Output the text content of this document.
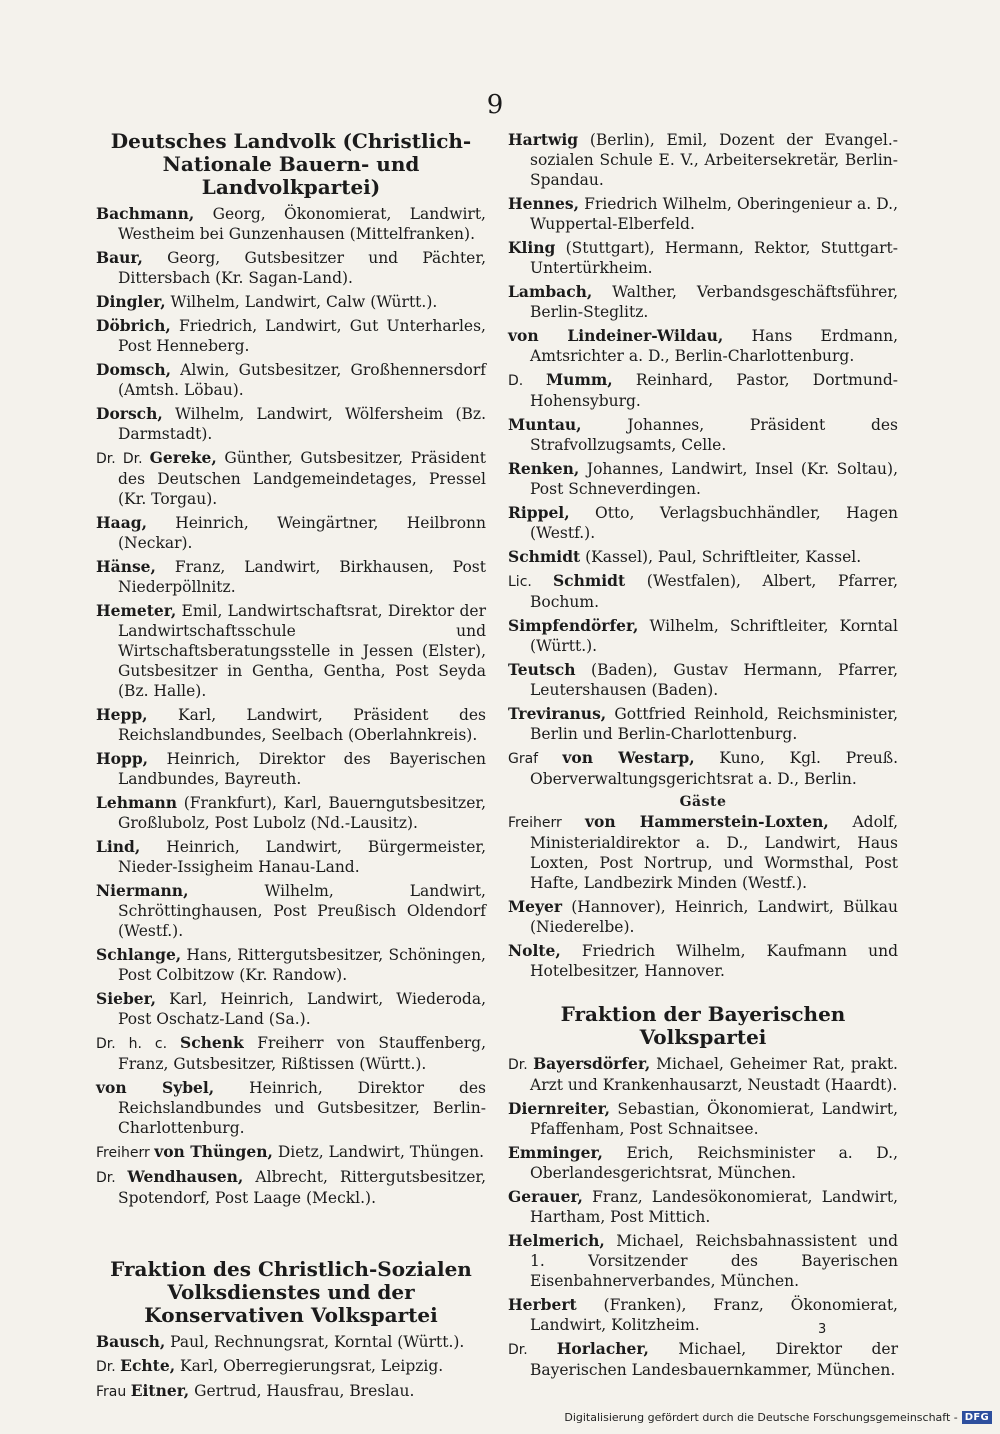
9
Deutsches Landvolk (Christlich-Nationale Bauern- und Landvolkpartei)

Bachmann, Georg, Ökonomierat, Landwirt, Westheim bei Gunzenhausen (Mittelfranken).

Baur, Georg, Gutsbesitzer und Pächter, Dittersbach (Kr. Sagan-Land).

Dingler, Wilhelm, Landwirt, Calw (Württ.).

Döbrich, Friedrich, Landwirt, Gut Unterharles, Post Henneberg.

Domsch, Alwin, Gutsbesitzer, Großhennersdorf (Amtsh. Löbau).

Dorsch, Wilhelm, Landwirt, Wölfersheim (Bz. Darmstadt).

Dr. Dr. Gereke, Günther, Gutsbesitzer, Präsident des Deutschen Landgemeindetages, Pressel (Kr. Torgau).

Haag, Heinrich, Weingärtner, Heilbronn (Neckar).

Hänse, Franz, Landwirt, Birkhausen, Post Niederpöllnitz.

Hemeter, Emil, Landwirtschaftsrat, Direktor der Landwirtschaftsschule und Wirtschaftsberatungsstelle in Jessen (Elster), Gutsbesitzer in Gentha, Gentha, Post Seyda (Bz. Halle).

Hepp, Karl, Landwirt, Präsident des Reichslandbundes, Seelbach (Oberlahnkreis).

Hopp, Heinrich, Direktor des Bayerischen Landbundes, Bayreuth.

Lehmann (Frankfurt), Karl, Bauerngutsbesitzer, Großlubolz, Post Lubolz (Nd.-Lausitz).

Lind, Heinrich, Landwirt, Bürgermeister, Nieder-Issigheim Hanau-Land.

Niermann, Wilhelm, Landwirt, Schröttinghausen, Post Preußisch Oldendorf (Westf.).

Schlange, Hans, Rittergutsbesitzer, Schöningen, Post Colbitzow (Kr. Randow).

Sieber, Karl, Heinrich, Landwirt, Wiederoda, Post Oschatz-Land (Sa.).

Dr. h. c. Schenk Freiherr von Stauffenberg, Franz, Gutsbesitzer, Rißtissen (Württ.).

von Sybel, Heinrich, Direktor des Reichslandbundes und Gutsbesitzer, Berlin-Charlottenburg.

Freiherr von Thüngen, Dietz, Landwirt, Thüngen.

Dr. Wendhausen, Albrecht, Rittergutsbesitzer, Spotendorf, Post Laage (Meckl.).

Fraktion des Christlich-Sozialen Volksdienstes und der Konservativen Volkspartei

Bausch, Paul, Rechnungsrat, Korntal (Württ.).

Dr. Echte, Karl, Oberregierungsrat, Leipzig.

Frau Eitner, Gertrud, Hausfrau, Breslau.

Hartwig (Berlin), Emil, Dozent der Evangel.-sozialen Schule E. V., Arbeitersekretär, Berlin-Spandau.

Hennes, Friedrich Wilhelm, Oberingenieur a. D., Wuppertal-Elberfeld.

Kling (Stuttgart), Hermann, Rektor, Stuttgart-Untertürkheim.

Lambach, Walther, Verbandsgeschäftsführer, Berlin-Steglitz.

von Lindeiner-Wildau, Hans Erdmann, Amtsrichter a. D., Berlin-Charlottenburg.

D. Mumm, Reinhard, Pastor, Dortmund-Hohensyburg.

Muntau, Johannes, Präsident des Strafvollzugsamts, Celle.

Renken, Johannes, Landwirt, Insel (Kr. Soltau), Post Schneverdingen.

Rippel, Otto, Verlagsbuchhändler, Hagen (Westf.).

Schmidt (Kassel), Paul, Schriftleiter, Kassel.

Lic. Schmidt (Westfalen), Albert, Pfarrer, Bochum.

Simpfendörfer, Wilhelm, Schriftleiter, Korntal (Württ.).

Teutsch (Baden), Gustav Hermann, Pfarrer, Leutershausen (Baden).

Treviranus, Gottfried Reinhold, Reichsminister, Berlin und Berlin-Charlottenburg.

Graf von Westarp, Kuno, Kgl. Preuß. Oberverwaltungsgerichtsrat a. D., Berlin.

Gäste

Freiherr von Hammerstein-Loxten, Adolf, Ministerialdirektor a. D., Landwirt, Haus Loxten, Post Nortrup, und Wormsthal, Post Hafte, Landbezirk Minden (Westf.).

Meyer (Hannover), Heinrich, Landwirt, Bülkau (Niederelbe).

Nolte, Friedrich Wilhelm, Kaufmann und Hotelbesitzer, Hannover.

Fraktion der Bayerischen Volkspartei

Dr. Bayersdörfer, Michael, Geheimer Rat, prakt. Arzt und Krankenhausarzt, Neustadt (Haardt).

Diernreiter, Sebastian, Ökonomierat, Landwirt, Pfaffenham, Post Schnaitsee.

Emminger, Erich, Reichsminister a. D., Oberlandesgerichtsrat, München.

Gerauer, Franz, Landesökonomierat, Landwirt, Hartham, Post Mittich.

Helmerich, Michael, Reichsbahnassistent und 1. Vorsitzender des Bayerischen Eisenbahnerverbandes, München.

Herbert (Franken), Franz, Ökonomierat, Landwirt, Kolitzheim.

Dr. Horlacher, Michael, Direktor der Bayerischen Landesbauernkammer, München.

3
Digitalisierung gefördert durch die Deutsche Forschungsgemeinschaft - DFG
